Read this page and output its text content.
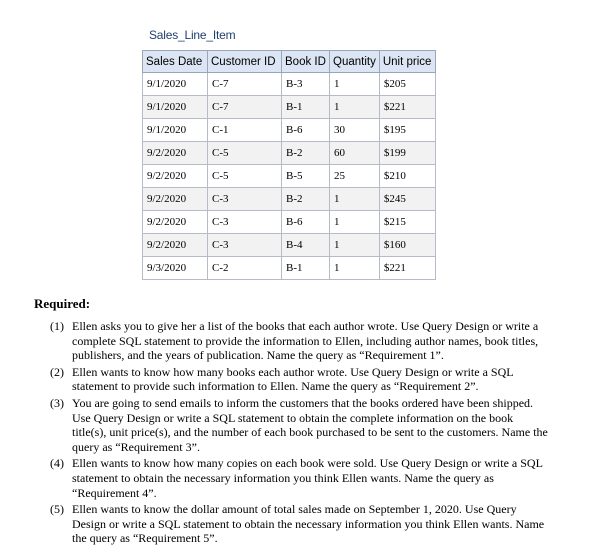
Sales_Line_Item
Sales Date	Customer ID	Book ID	Quantity	Unit price
9/1/2020	C-7	B-3	1	$205
9/1/2020	C-7	B-1	1	$221
9/1/2020	C-1	B-6	30	$195
9/2/2020	C-5	B-2	60	$199
9/2/2020	C-5	B-5	25	$210
9/2/2020	C-3	B-2	1	$245
9/2/2020	C-3	B-6	1	$215
9/2/2020	C-3	B-4	1	$160
9/3/2020	C-2	B-1	1	$221
Required:
(1) Ellen asks you to give her a list of the books that each author wrote. Use Query Design or write a complete SQL statement to provide the information to Ellen, including author names, book titles, publishers, and the years of publication. Name the query as “Requirement 1”.
(2) Ellen wants to know how many books each author wrote. Use Query Design or write a SQL statement to provide such information to Ellen. Name the query as “Requirement 2”.
(3) You are going to send emails to inform the customers that the books ordered have been shipped. Use Query Design or write a SQL statement to obtain the complete information on the book title(s), unit price(s), and the number of each book purchased to be sent to the customers. Name the query as “Requirement 3”.
(4) Ellen wants to know how many copies on each book were sold. Use Query Design or write a SQL statement to obtain the necessary information you think Ellen wants. Name the query as “Requirement 4”.
(5) Ellen wants to know the dollar amount of total sales made on September 1, 2020. Use Query Design or write a SQL statement to obtain the necessary information you think Ellen wants. Name the query as “Requirement 5”.
